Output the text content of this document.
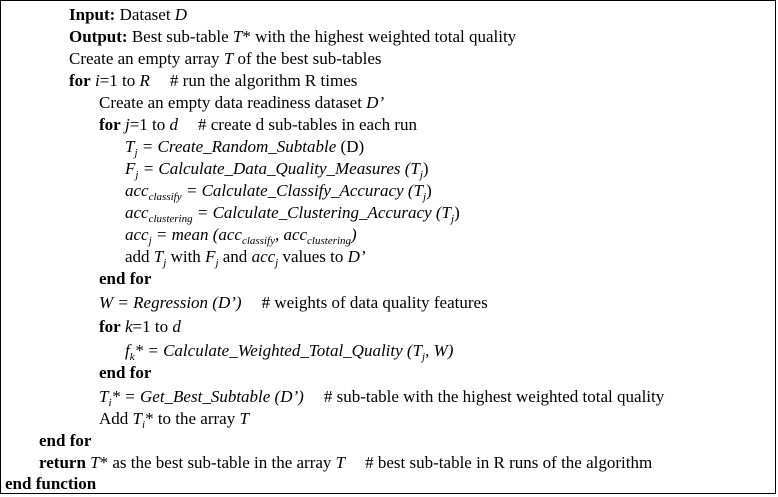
Input: Dataset D
Output: Best sub-table T* with the highest weighted total quality
Create an empty array T of the best sub-tables
for i=1 to R # run the algorithm R times
Create an empty data readiness dataset D’
for j=1 to d # create d sub-tables in each run
$T_j$ = Create_Random_Subtable (D)
$F_j$ = Calculate_Data_Quality_Measures $(T_j)$
acc$_{classify}$ = Calculate_Classify_Accuracy $(T_j)$
acc$_{clustering}$ = Calculate_Clustering_Accuracy $(T_j)$
acc$_j$ = mean (acc$_{classify}$, acc$_{clustering}$)
add $T_j$ with $F_j$ and acc$_j$ values to D’
end for
W = Regression (D’) # weights of data quality features
for k=1 to d
$f_k*$ = Calculate_Weighted_Total_Quality ($T_j$, W)
end for
$T_i*$ = Get_Best_Subtable (D’) # sub-table with the highest weighted total quality
Add $T_i*$ to the array T
end for
return T* as the best sub-table in the array T # best sub-table in R runs of the algorithm
end function
